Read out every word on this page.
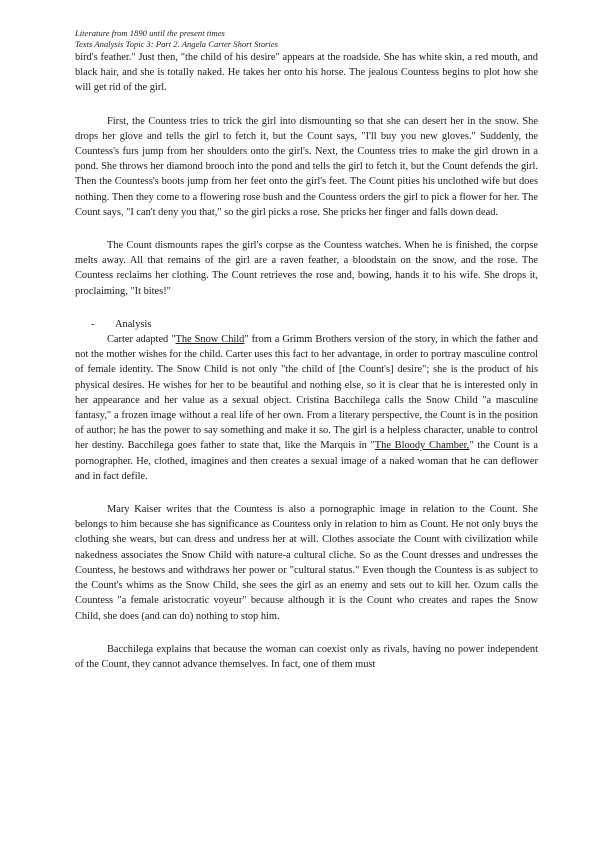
Literature from 1890 until the present times
Texts Analysis Topic 3: Part 2. Angela Carter Short Stories

bird's feather." Just then, "the child of his desire" appears at the roadside. She has white skin, a red mouth, and black hair, and she is totally naked. He takes her onto his horse. The jealous Countess begins to plot how she will get rid of the girl.

First, the Countess tries to trick the girl into dismounting so that she can desert her in the snow. She drops her glove and tells the girl to fetch it, but the Count says, "I'll buy you new gloves." Suddenly, the Countess's furs jump from her shoulders onto the girl's. Next, the Countess tries to make the girl drown in a pond. She throws her diamond brooch into the pond and tells the girl to fetch it, but the Count defends the girl. Then the Countess's boots jump from her feet onto the girl's feet. The Count pities his unclothed wife but does nothing. Then they come to a flowering rose bush and the Countess orders the girl to pick a flower for her. The Count says, "I can't deny you that," so the girl picks a rose. She pricks her finger and falls down dead.

The Count dismounts rapes the girl's corpse as the Countess watches. When he is finished, the corpse melts away. All that remains of the girl are a raven feather, a bloodstain on the snow, and the rose. The Countess reclaims her clothing. The Count retrieves the rose and, bowing, hands it to his wife. She drops it, proclaiming, "It bites!"

-	Analysis

Carter adapted "The Snow Child" from a Grimm Brothers version of the story, in which the father and not the mother wishes for the child. Carter uses this fact to her advantage, in order to portray masculine control of female identity. The Snow Child is not only "the child of [the Count's] desire"; she is the product of his physical desires. He wishes for her to be beautiful and nothing else, so it is clear that he is interested only in her appearance and her value as a sexual object. Cristina Bacchilega calls the Snow Child "a masculine fantasy," a frozen image without a real life of her own. From a literary perspective, the Count is in the position of author; he has the power to say something and make it so. The girl is a helpless character, unable to control her destiny. Bacchilega goes father to state that, like the Marquis in "The Bloody Chamber," the Count is a pornographer. He, clothed, imagines and then creates a sexual image of a naked woman that he can deflower and in fact defile.

Mary Kaiser writes that the Countess is also a pornographic image in relation to the Count. She belongs to him because she has significance as Countess only in relation to him as Count. He not only buys the clothing she wears, but can dress and undress her at will. Clothes associate the Count with civilization while nakedness associates the Snow Child with nature-a cultural cliche. So as the Count dresses and undresses the Countess, he bestows and withdraws her power or "cultural status." Even though the Countess is as subject to the Count's whims as the Snow Child, she sees the girl as an enemy and sets out to kill her. Ozum calls the Countess "a female aristocratic voyeur" because although it is the Count who creates and rapes the Snow Child, she does (and can do) nothing to stop him.

Bacchilega explains that because the woman can coexist only as rivals, having no power independent of the Count, they cannot advance themselves. In fact, one of them must
